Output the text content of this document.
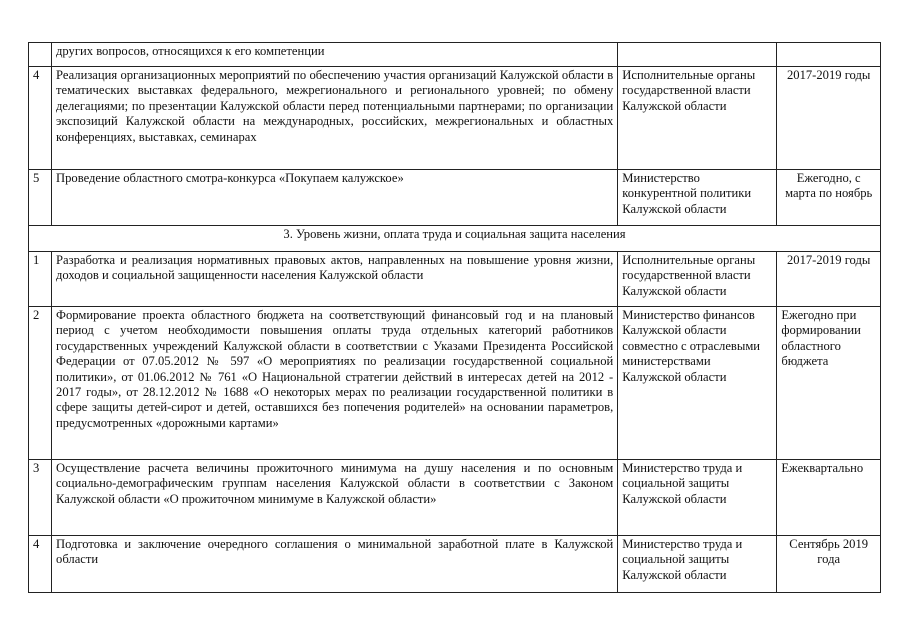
	других вопросов, относящихся к его компетенции		
4	Реализация организационных мероприятий по обеспечению участия организаций Калужской области в тематических выставках федерального, межрегионального и регионального уровней; по обмену делегациями; по презентации Калужской области перед потенциальными партнерами; по организации экспозиций Калужской области на международных, российских, межрегиональных и областных конференциях, выставках, семинарах	Исполнительные органы государственной власти Калужской области	2017-2019 годы

5	Проведение областного смотра-конкурса «Покупаем калужское»	Министерство конкурентной политики Калужской области	Ежегодно, с марта по ноябрь

3. Уровень жизни, оплата труда и социальная защита населения			
1	Разработка и реализация нормативных правовых актов, направленных на повышение уровня жизни, доходов и социальной защищенности населения Калужской области	Исполнительные органы государственной власти Калужской области	2017-2019 годы

2	Формирование проекта областного бюджета на соответствующий финансовый год и на плановый период с учетом необходимости повышения оплаты труда отдельных категорий работников государственных учреждений Калужской области в соответствии с Указами Президента Российской Федерации от 07.05.2012 № 597 «О мероприятиях по реализации государственной социальной политики», от 01.06.2012 № 761 «О Национальной стратегии действий в интересах детей на 2012 - 2017 годы», от 28.12.2012 № 1688 «О некоторых мерах по реализации государственной политики в сфере защиты детей-сирот и детей, оставшихся без попечения родителей» на основании параметров, предусмотренных «дорожными картами»	Министерство финансов Калужской области совместно с отраслевыми министерствами Калужской области	Ежегодно при формировании областного бюджета
3	Осуществление расчета величины прожиточного минимума на душу населения и по основным социально-демографическим группам населения Калужской области в соответствии с Законом Калужской области «О прожиточном минимуме в Калужской области»	Министерство труда и социальной защиты Калужской области	Ежеквартально
4	Подготовка и заключение очередного соглашения о минимальной заработной плате в Калужской области	Министерство труда и социальной защиты Калужской области	Сентябрь 2019 года
